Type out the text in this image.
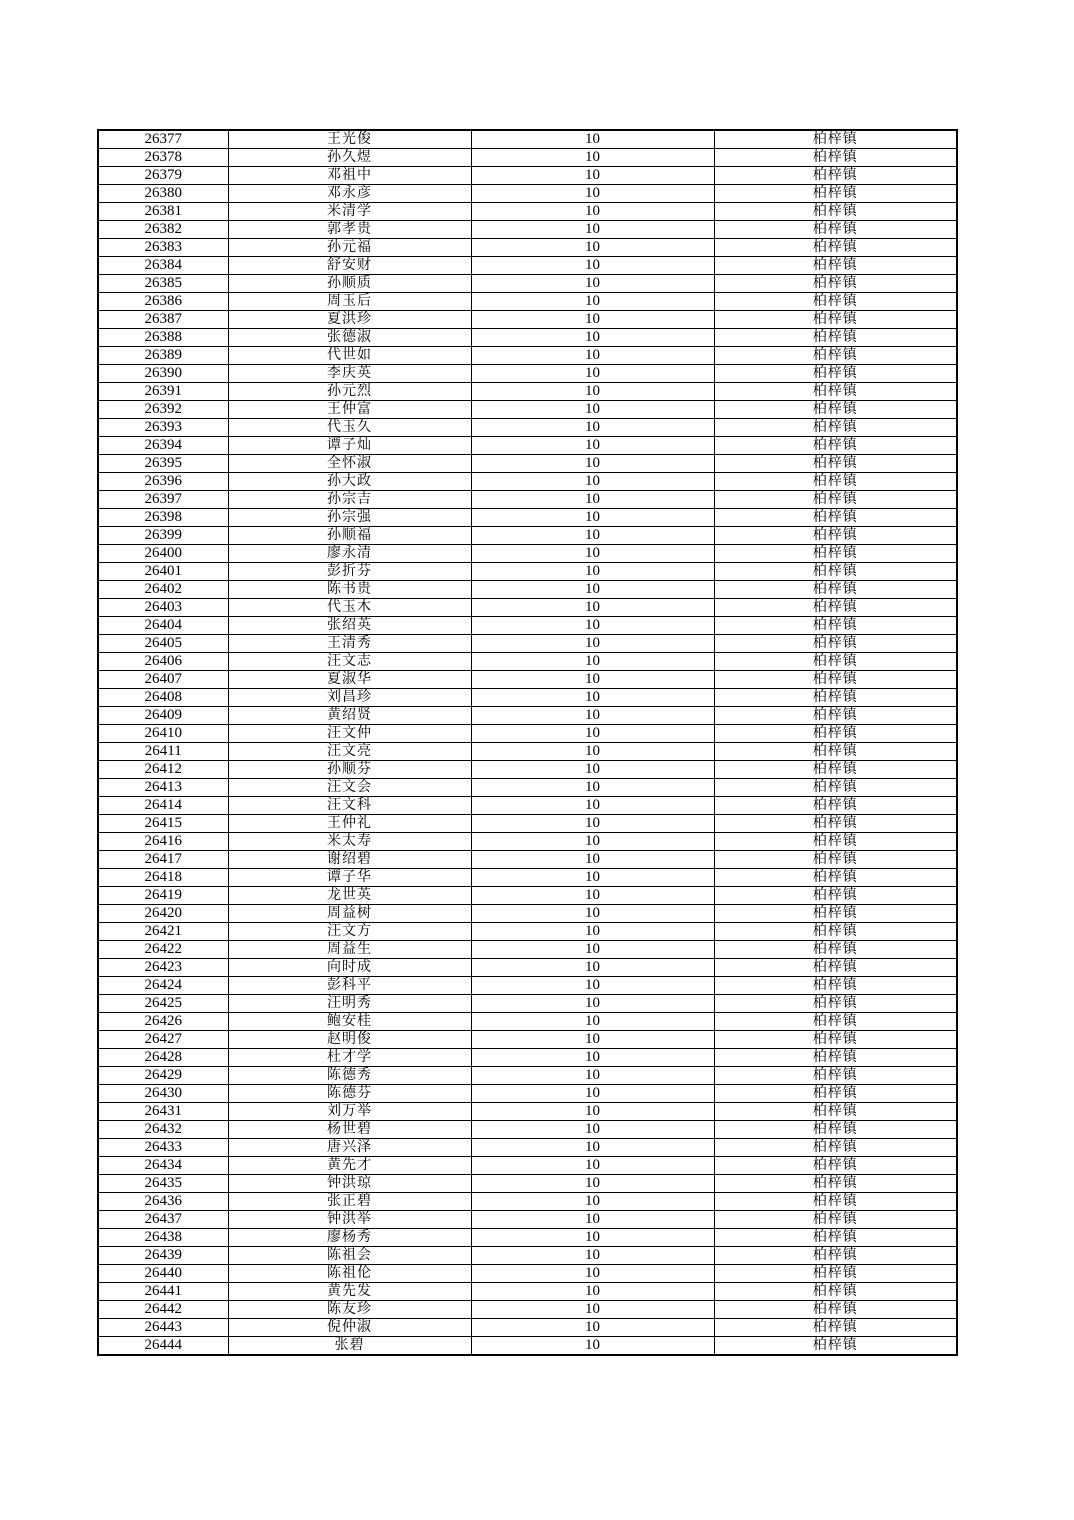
26377	王光俊	10	柏梓镇
26378	孙久煜	10	柏梓镇
26379	邓祖中	10	柏梓镇
26380	邓永彦	10	柏梓镇
26381	米清学	10	柏梓镇
26382	郭孝贵	10	柏梓镇
26383	孙元福	10	柏梓镇
26384	舒安财	10	柏梓镇
26385	孙顺质	10	柏梓镇
26386	周玉后	10	柏梓镇
26387	夏洪珍	10	柏梓镇
26388	张德淑	10	柏梓镇
26389	代世如	10	柏梓镇
26390	李庆英	10	柏梓镇
26391	孙元烈	10	柏梓镇
26392	王仲富	10	柏梓镇
26393	代玉久	10	柏梓镇
26394	谭子灿	10	柏梓镇
26395	全怀淑	10	柏梓镇
26396	孙大政	10	柏梓镇
26397	孙宗吉	10	柏梓镇
26398	孙宗强	10	柏梓镇
26399	孙顺福	10	柏梓镇
26400	廖永清	10	柏梓镇
26401	彭折芬	10	柏梓镇
26402	陈书贵	10	柏梓镇
26403	代玉木	10	柏梓镇
26404	张绍英	10	柏梓镇
26405	王清秀	10	柏梓镇
26406	汪文志	10	柏梓镇
26407	夏淑华	10	柏梓镇
26408	刘昌珍	10	柏梓镇
26409	黄绍贤	10	柏梓镇
26410	汪文仲	10	柏梓镇
26411	汪文亮	10	柏梓镇
26412	孙顺芬	10	柏梓镇
26413	汪文会	10	柏梓镇
26414	汪文科	10	柏梓镇
26415	王仲礼	10	柏梓镇
26416	米太寿	10	柏梓镇
26417	谢绍碧	10	柏梓镇
26418	谭子华	10	柏梓镇
26419	龙世英	10	柏梓镇
26420	周益树	10	柏梓镇
26421	汪文方	10	柏梓镇
26422	周益生	10	柏梓镇
26423	向时成	10	柏梓镇
26424	彭科平	10	柏梓镇
26425	汪明秀	10	柏梓镇
26426	鲍安桂	10	柏梓镇
26427	赵明俊	10	柏梓镇
26428	杜才学	10	柏梓镇
26429	陈德秀	10	柏梓镇
26430	陈德芬	10	柏梓镇
26431	刘万举	10	柏梓镇
26432	杨世碧	10	柏梓镇
26433	唐兴泽	10	柏梓镇
26434	黄先才	10	柏梓镇
26435	钟洪琼	10	柏梓镇
26436	张正碧	10	柏梓镇
26437	钟洪举	10	柏梓镇
26438	廖杨秀	10	柏梓镇
26439	陈祖会	10	柏梓镇
26440	陈祖伦	10	柏梓镇
26441	黄先发	10	柏梓镇
26442	陈友珍	10	柏梓镇
26443	倪仲淑	10	柏梓镇
26444	张碧	10	柏梓镇
